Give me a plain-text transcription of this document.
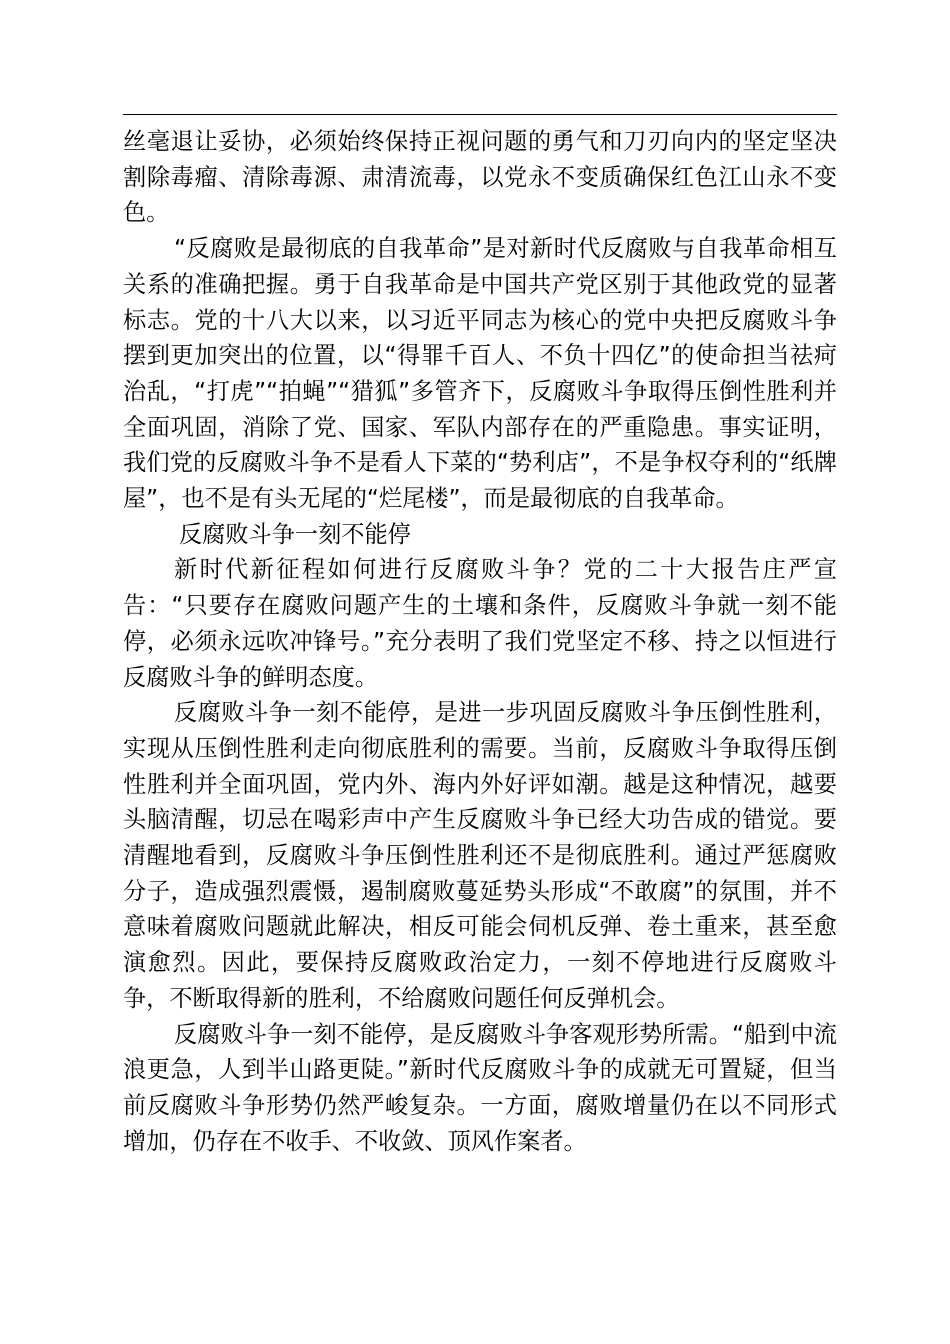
丝毫退让妥协，必须始终保持正视问题的勇气和刀刃向内的坚定坚决割除毒瘤、清除毒源、肃清流毒，以党永不变质确保红色江山永不变色。

“反腐败是最彻底的自我革命”是对新时代反腐败与自我革命相互关系的准确把握。勇于自我革命是中国共产党区别于其他政党的显著标志。党的十八大以来，以习近平同志为核心的党中央把反腐败斗争摆到更加突出的位置，以“得罪千百人、不负十四亿”的使命担当祛疴治乱，“打虎”“拍蝇”“猎狐”多管齐下，反腐败斗争取得压倒性胜利并全面巩固，消除了党、国家、军队内部存在的严重隐患。事实证明，我们党的反腐败斗争不是看人下菜的“势利店”，不是争权夺利的“纸牌屋”，也不是有头无尾的“烂尾楼”，而是最彻底的自我革命。

反腐败斗争一刻不能停

新时代新征程如何进行反腐败斗争？党的二十大报告庄严宣告：“只要存在腐败问题产生的土壤和条件，反腐败斗争就一刻不能停，必须永远吹冲锋号。”充分表明了我们党坚定不移、持之以恒进行反腐败斗争的鲜明态度。

反腐败斗争一刻不能停，是进一步巩固反腐败斗争压倒性胜利，实现从压倒性胜利走向彻底胜利的需要。当前，反腐败斗争取得压倒性胜利并全面巩固，党内外、海内外好评如潮。越是这种情况，越要头脑清醒，切忌在喝彩声中产生反腐败斗争已经大功告成的错觉。要清醒地看到，反腐败斗争压倒性胜利还不是彻底胜利。通过严惩腐败分子，造成强烈震慑，遏制腐败蔓延势头形成“不敢腐”的氛围，并不意味着腐败问题就此解决，相反可能会伺机反弹、卷土重来，甚至愈演愈烈。因此，要保持反腐败政治定力，一刻不停地进行反腐败斗争，不断取得新的胜利，不给腐败问题任何反弹机会。

反腐败斗争一刻不能停，是反腐败斗争客观形势所需。“船到中流浪更急，人到半山路更陡。”新时代反腐败斗争的成就无可置疑，但当前反腐败斗争形势仍然严峻复杂。一方面，腐败增量仍在以不同形式增加，仍存在不收手、不收敛、顶风作案者。
